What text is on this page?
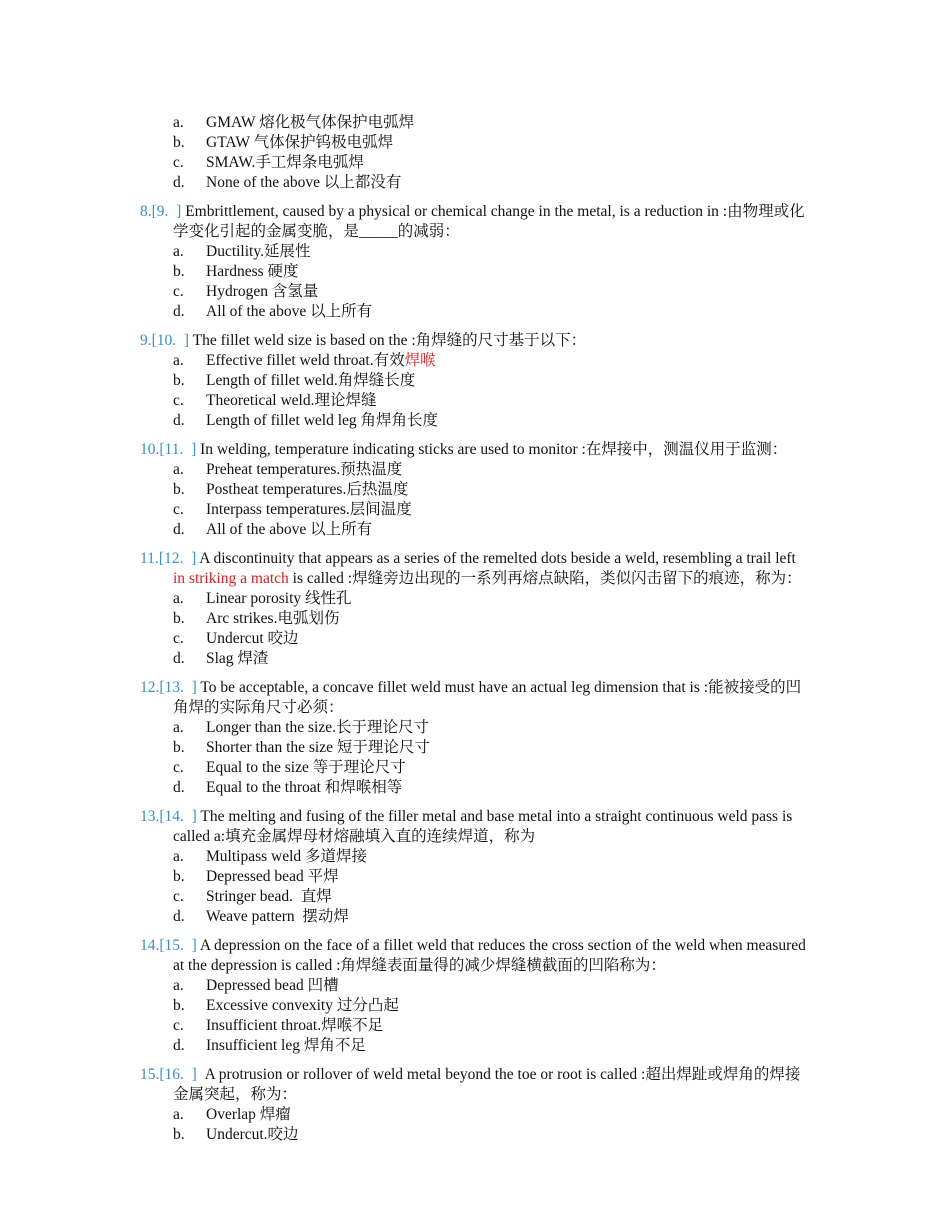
a. GMAW 熔化极气体保护电弧焊
b. GTAW 气体保护钨极电弧焊
c. SMAW.手工焊条电弧焊
d. None of the above 以上都没有
8.[9.  ] Embrittlement, caused by a physical or chemical change in the metal, is a reduction in :由物理或化
学变化引起的金属变脆，是_____的减弱：
a. Ductility.延展性
b. Hardness 硬度
c. Hydrogen 含氢量
d. All of the above 以上所有
9.[10.  ] The fillet weld size is based on the :角焊缝的尺寸基于以下：
a. Effective fillet weld throat.有效焊喉
b. Length of fillet weld.角焊缝长度
c. Theoretical weld.理论焊缝
d. Length of fillet weld leg 角焊角长度
10.[11.  ] In welding, temperature indicating sticks are used to monitor :在焊接中，测温仪用于监测：
a. Preheat temperatures.预热温度
b. Postheat temperatures.后热温度
c. Interpass temperatures.层间温度
d. All of the above 以上所有
11.[12.  ] A discontinuity that appears as a series of the remelted dots beside a weld, resembling a trail left
in striking a match is called :焊缝旁边出现的一系列再熔点缺陷，类似闪击留下的痕迹，称为：
a. Linear porosity 线性孔
b. Arc strikes.电弧划伤
c. Undercut 咬边
d. Slag 焊渣
12.[13.  ] To be acceptable, a concave fillet weld must have an actual leg dimension that is :能被接受的凹
角焊的实际角尺寸必须：
a. Longer than the size.长于理论尺寸
b. Shorter than the size 短于理论尺寸
c. Equal to the size 等于理论尺寸
d. Equal to the throat 和焊喉相等
13.[14.  ] The melting and fusing of the filler metal and base metal into a straight continuous weld pass is
called a:填充金属焊母材熔融填入直的连续焊道，称为
a. Multipass weld 多道焊接
b. Depressed bead 平焊
c. Stringer bead.  直焊
d. Weave pattern  摆动焊
14.[15.  ] A depression on the face of a fillet weld that reduces the cross section of the weld when measured
at the depression is called :角焊缝表面量得的减少焊缝横截面的凹陷称为：
a. Depressed bead 凹槽
b. Excessive convexity 过分凸起
c. Insufficient throat.焊喉不足
d. Insufficient leg 焊角不足
15.[16.  ]  A protrusion or rollover of weld metal beyond the toe or root is called :超出焊趾或焊角的焊接
金属突起，称为：
a. Overlap 焊瘤
b. Undercut.咬边
